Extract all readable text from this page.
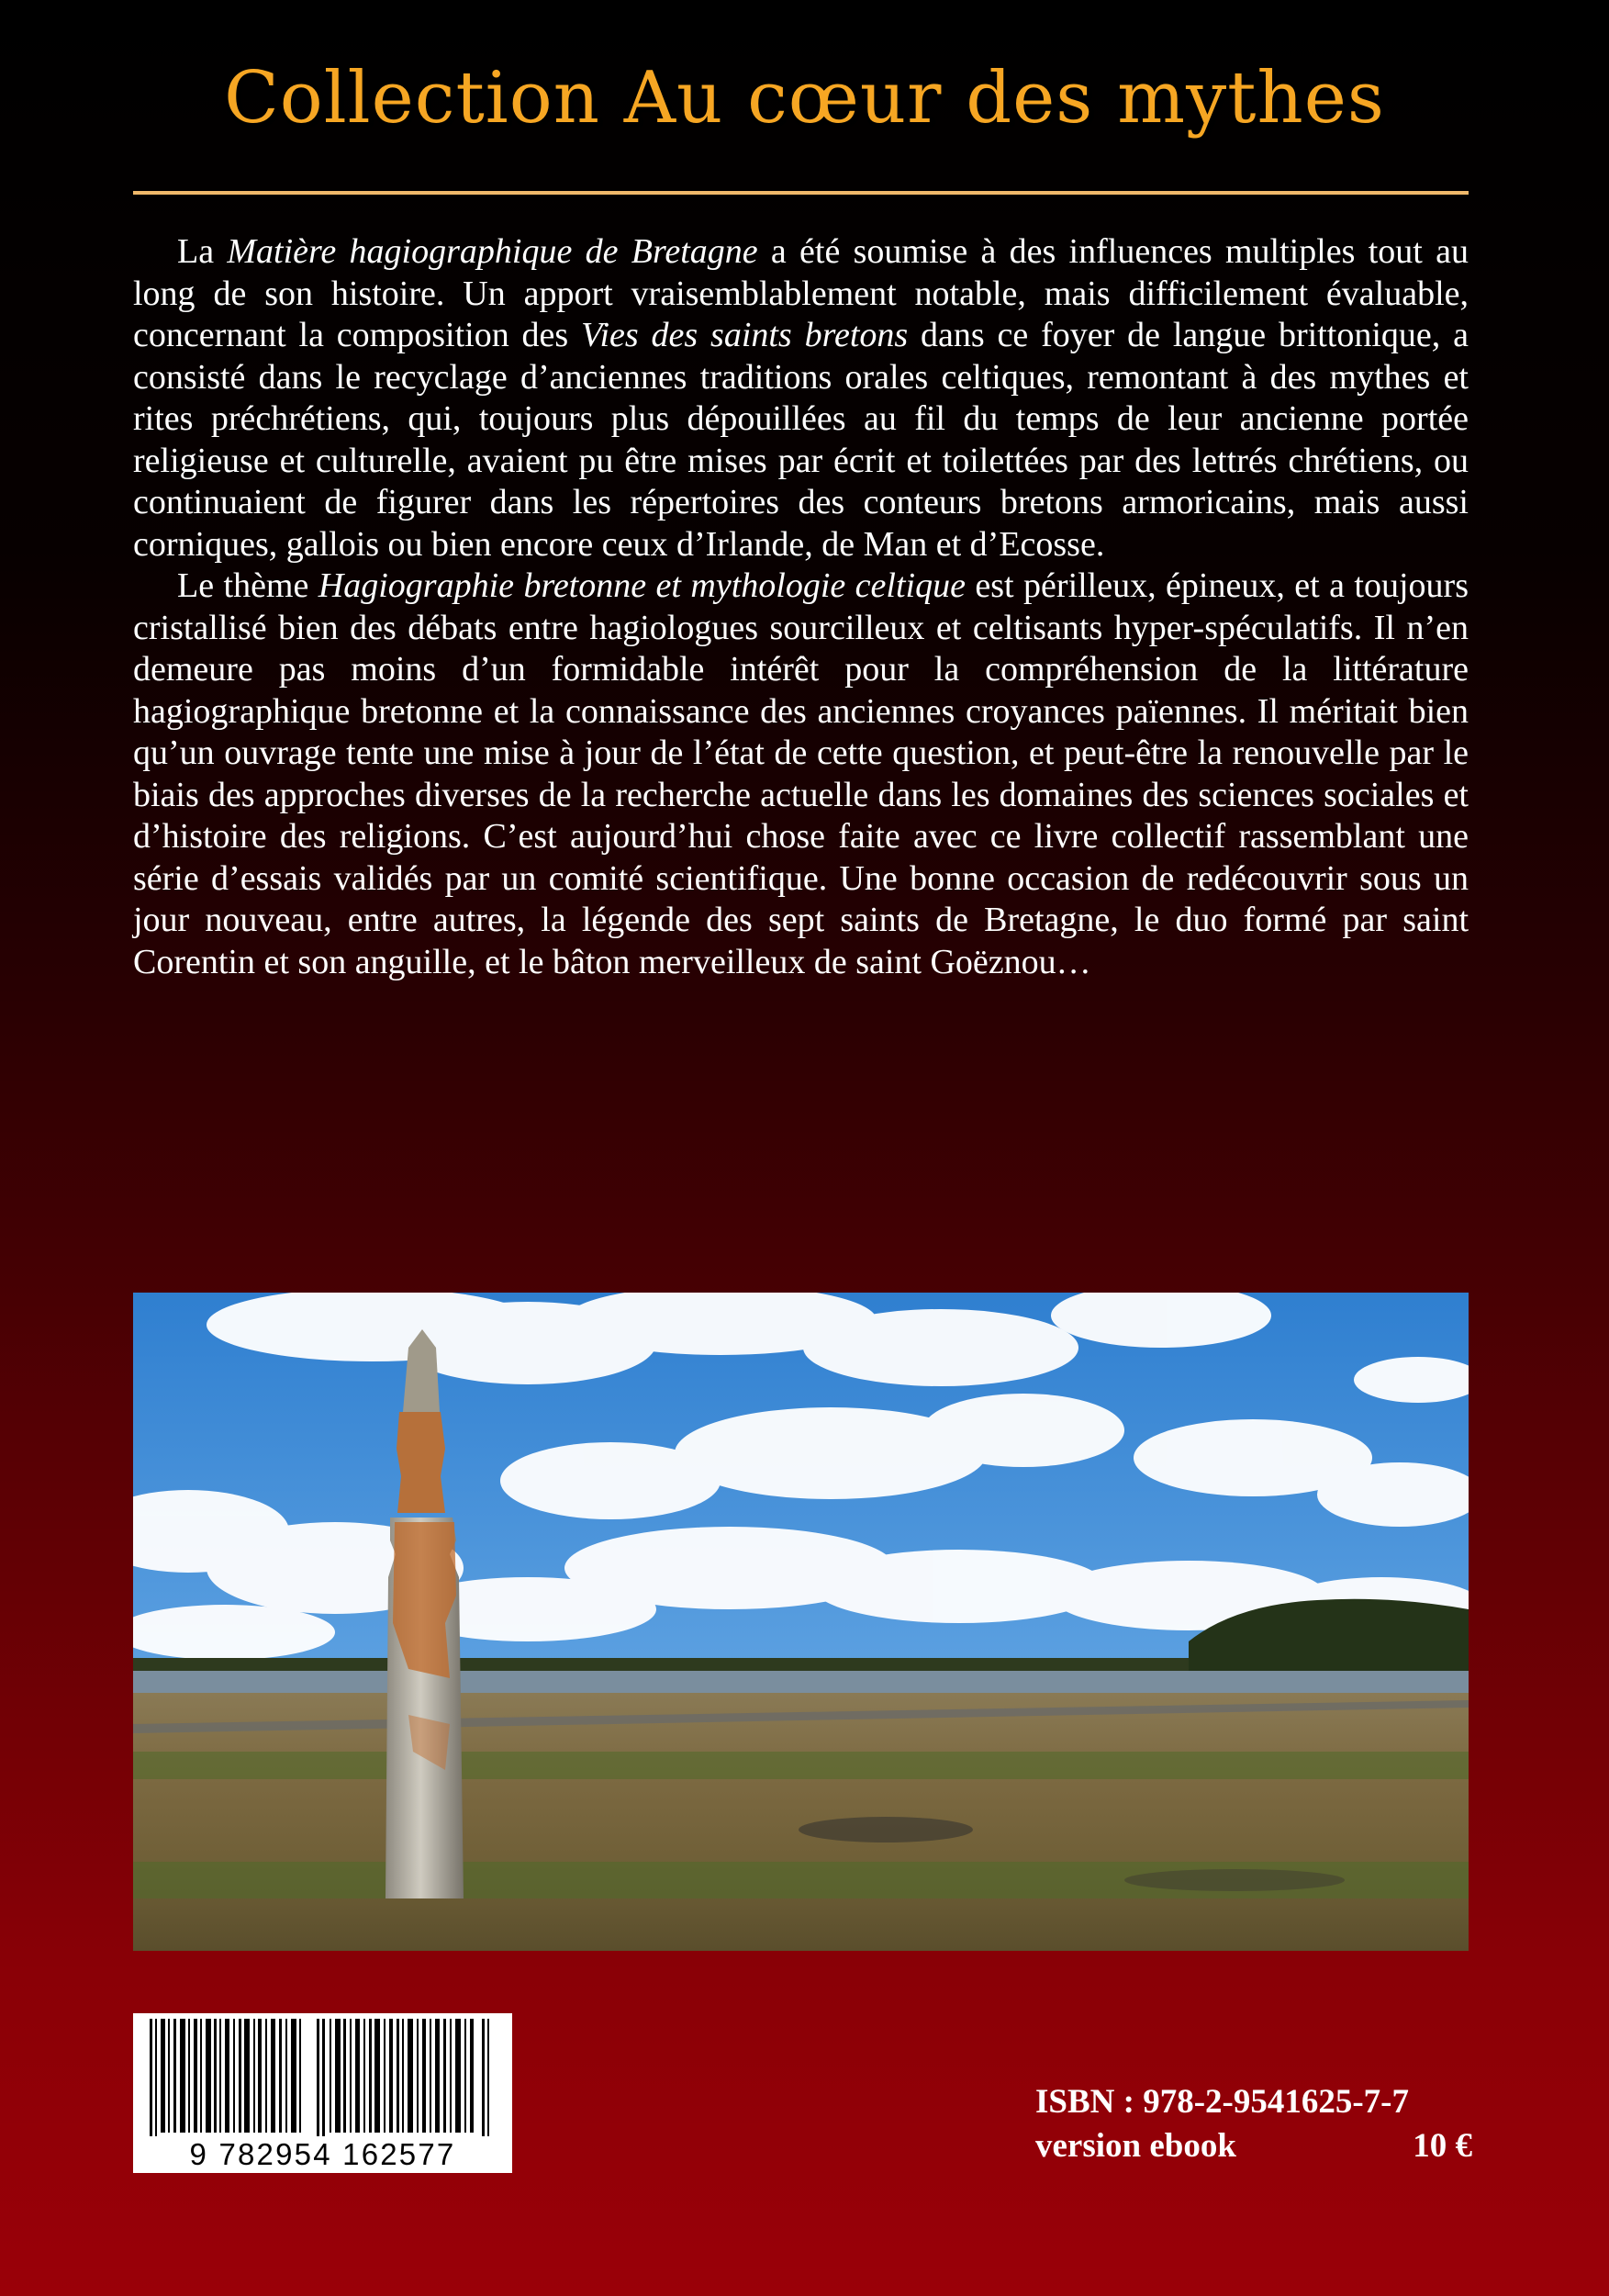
Collection Au cœur des mythes

La Matière hagiographique de Bretagne a été soumise à des influences multiples tout au long de son histoire. Un apport vraisemblablement notable, mais difficilement évaluable, concernant la composition des Vies des saints bretons dans ce foyer de langue brittonique, a consisté dans le recyclage d’anciennes traditions orales celtiques, remontant à des mythes et rites préchrétiens, qui, toujours plus dépouillées au fil du temps de leur ancienne portée religieuse et culturelle, avaient pu être mises par écrit et toilettées par des lettrés chrétiens, ou continuaient de figurer dans les répertoires des conteurs bretons armoricains, mais aussi corniques, gallois ou bien encore ceux d’Irlande, de Man et d’Ecosse.

Le thème Hagiographie bretonne et mythologie celtique est périlleux, épineux, et a toujours cristallisé bien des débats entre hagiologues sourcilleux et celtisants hyper-spéculatifs. Il n’en demeure pas moins d’un formidable intérêt pour la compréhension de la littérature hagiographique bretonne et la connaissance des anciennes croyances païennes. Il méritait bien qu’un ouvrage tente une mise à jour de l’état de cette question, et peut-être la renouvelle par le biais des approches diverses de la recherche actuelle dans les domaines des sciences sociales et d’histoire des religions. C’est aujourd’hui chose faite avec ce livre collectif rassemblant une série d’essais validés par un comité scientifique. Une bonne occasion de redécouvrir sous un jour nouveau, entre autres, la légende des sept saints de Bretagne, le duo formé par saint Corentin et son anguille, et le bâton merveilleux de saint Goëznou…

9 782954 162577
ISBN : 978-2-9541625-7-7
version ebook	10 €
